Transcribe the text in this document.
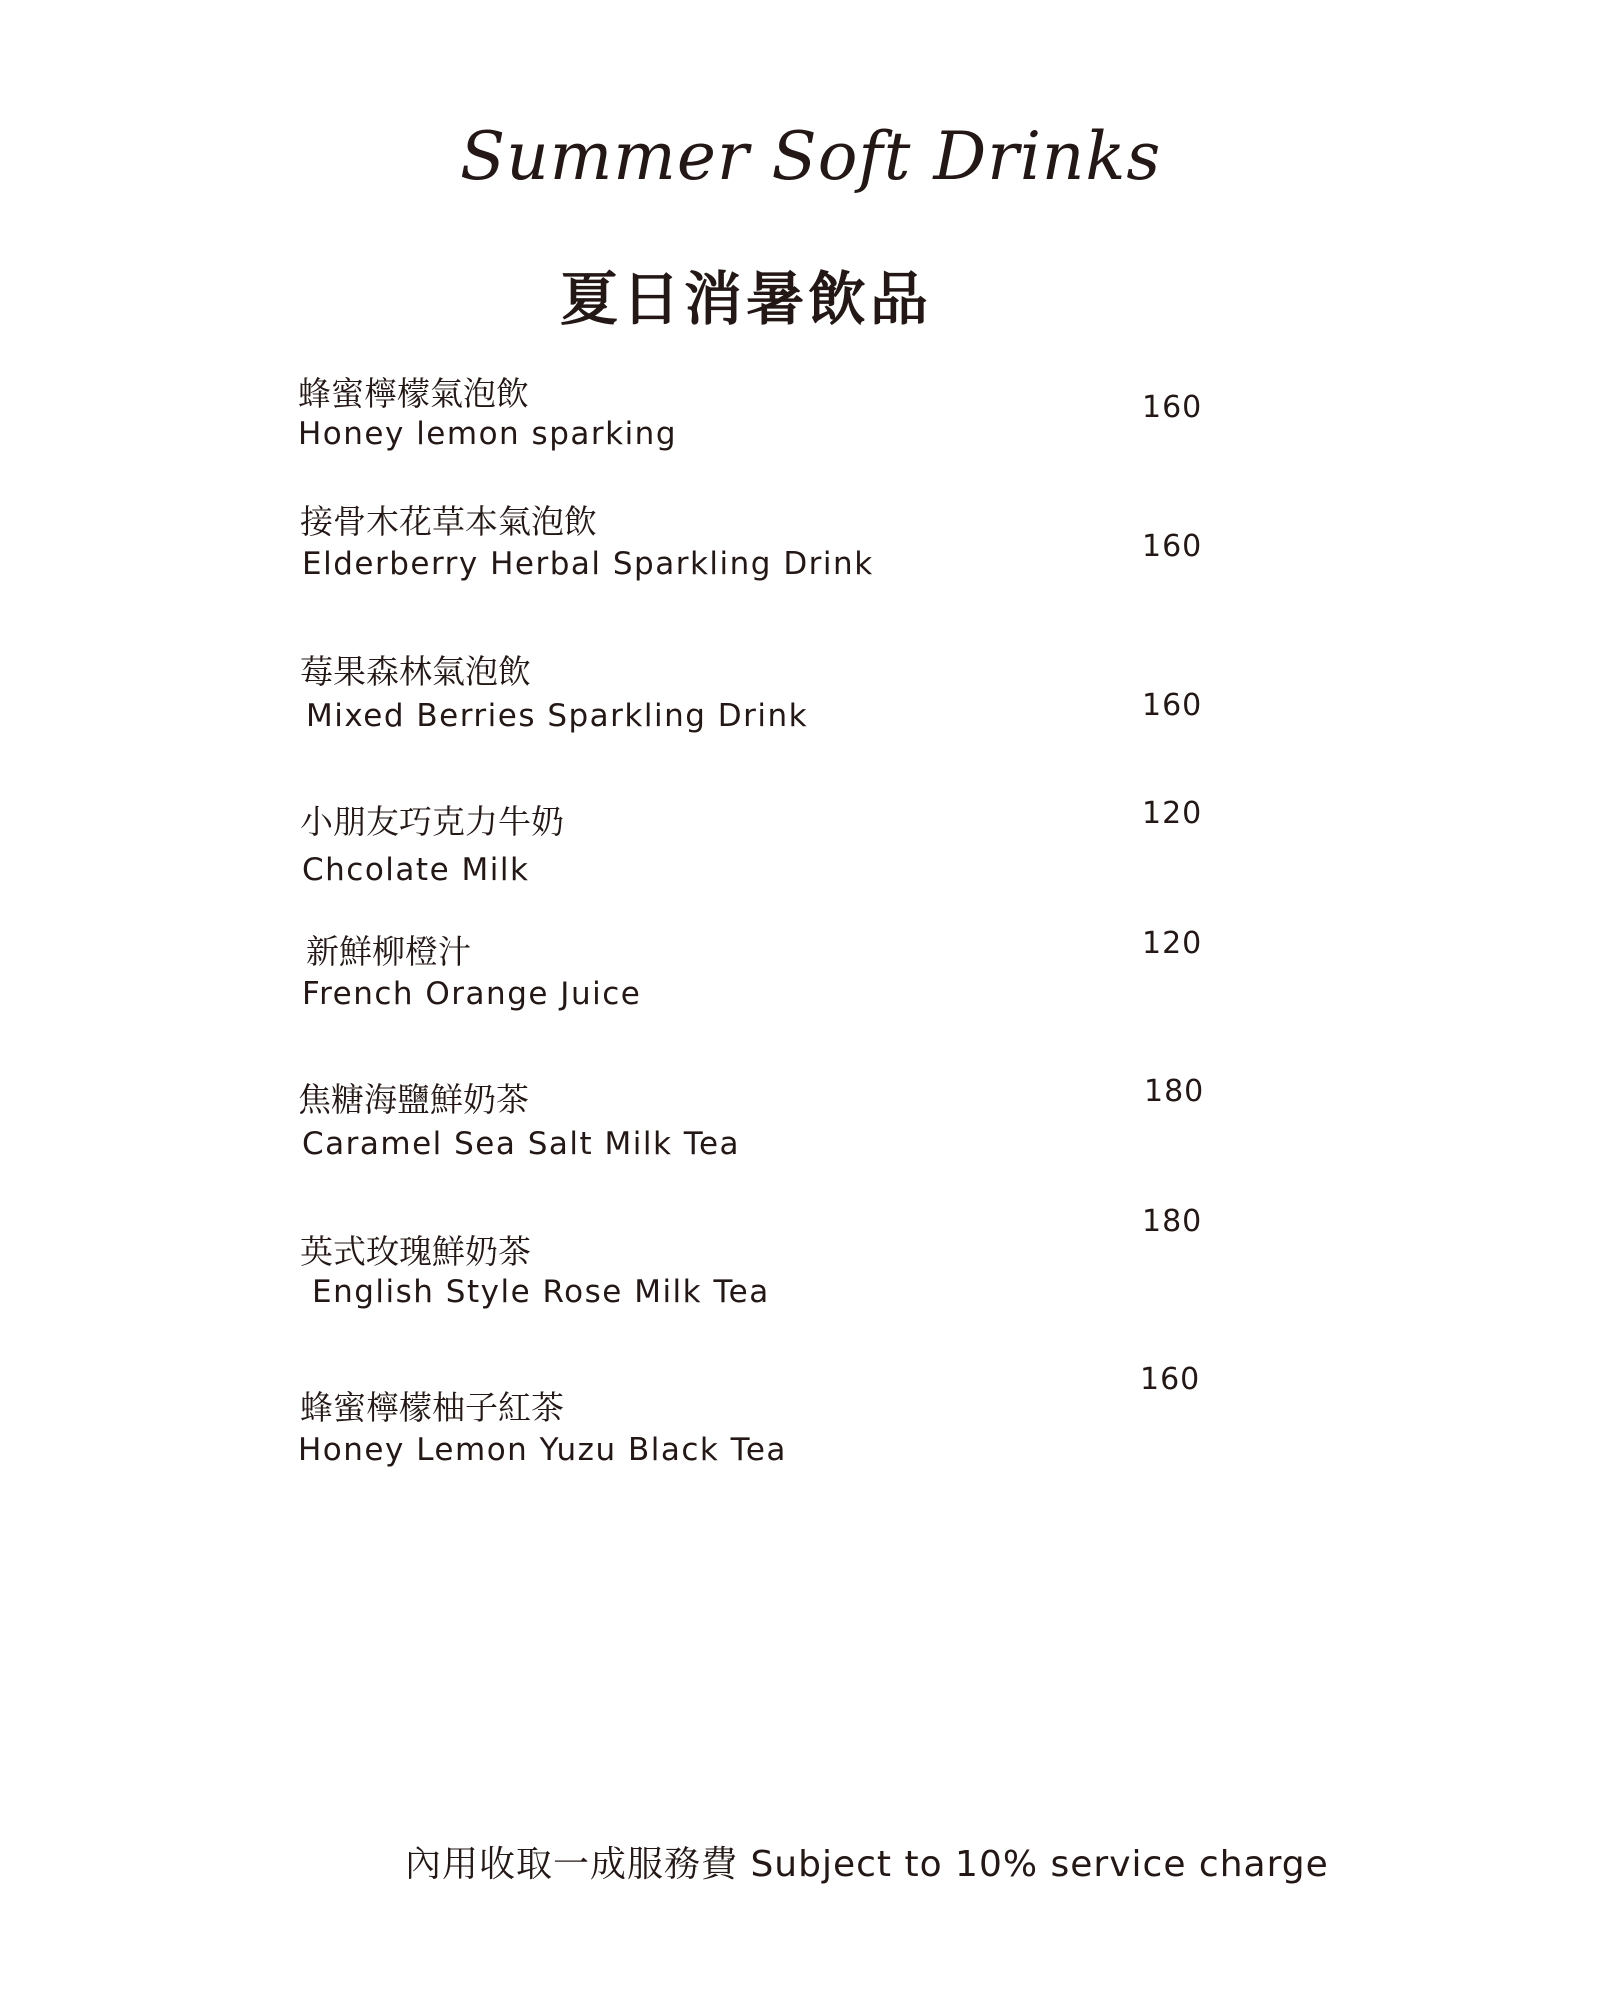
Summer Soft Drinks
夏日消暑飲品
蜂蜜檸檬氣泡飲
Honey lemon sparking
160
接骨木花草本氣泡飲
Elderberry Herbal Sparkling Drink	160
莓果森林氣泡飲
Mixed Berries Sparkling Drink	160
小朋友巧克力牛奶
Chcolate Milk
120
新鮮柳橙汁
French Orange Juice
120
焦糖海鹽鮮奶茶
Caramel Sea Salt Milk Tea
180
英式玫瑰鮮奶茶
English Style Rose Milk Tea
180
蜂蜜檸檬柚子紅茶
Honey Lemon Yuzu Black Tea
160
內用收取一成服務費 Subject to 10% service charge
